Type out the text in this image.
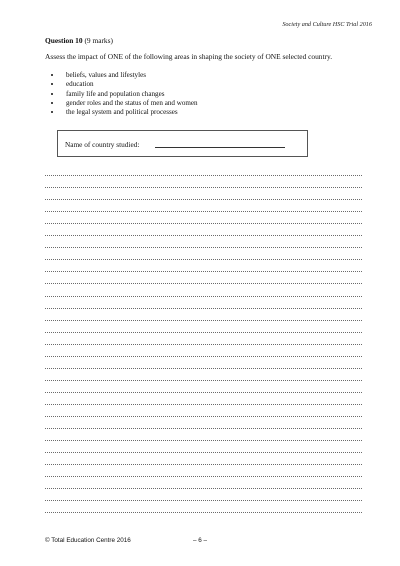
Society and Culture HSC Trial 2016
Question 10 (9 marks)
Assess the impact of ONE of the following areas in shaping the society of ONE selected country.
• beliefs, values and lifestyles
• education
• family life and population changes
• gender roles and the status of men and women
• the legal system and political processes
Name of country studied:
© Total Education Centre 2016	– 6 –
